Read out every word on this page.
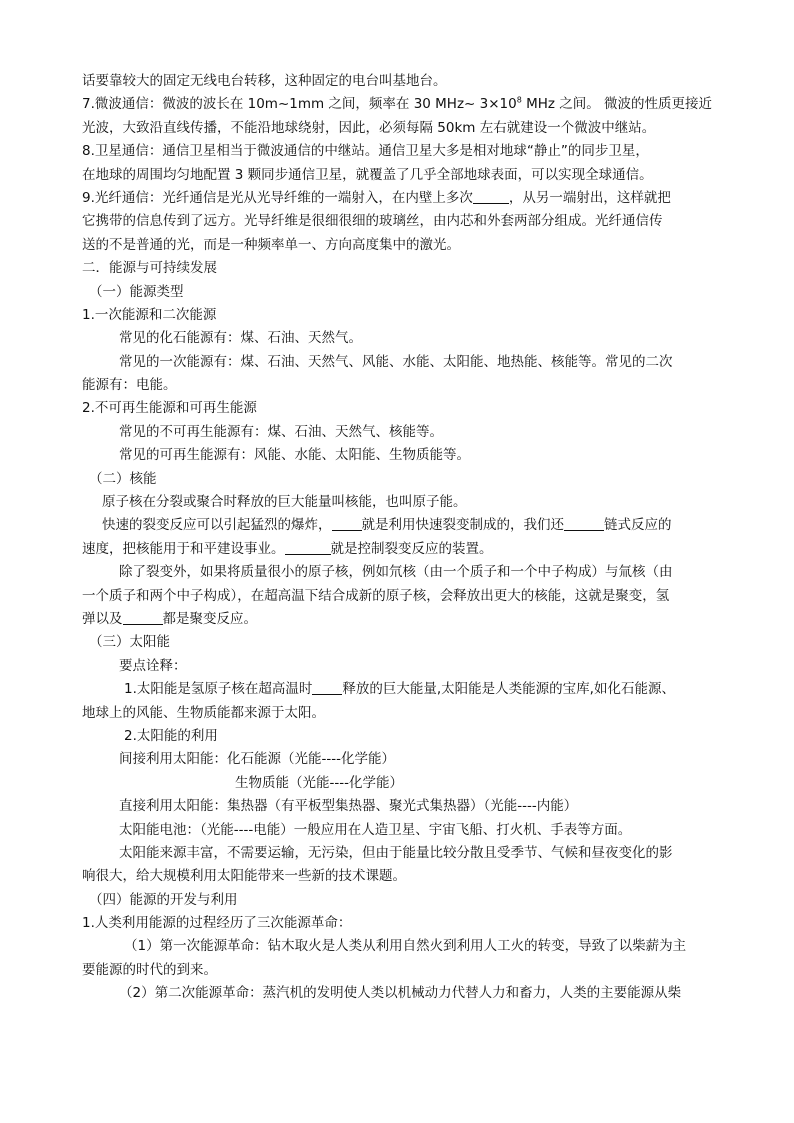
话要靠较大的固定无线电台转移，这种固定的电台叫基地台。
7.微波通信：微波的波长在 10m~1mm 之间，频率在 30 MHz~ $3\times 10^8$ MHz 之间。 微波的性质更接近
光波，大致沿直线传播，不能沿地球绕射，因此，必须每隔 50km 左右就建设一个微波中继站。
8.卫星通信：通信卫星相当于微波通信的中继站。通信卫星大多是相对地球“静止”的同步卫星，
在地球的周围均匀地配置 3 颗同步通信卫星，就覆盖了几乎全部地球表面，可以实现全球通信。
9.光纤通信：光纤通信是光从光导纤维的一端射入，在内壁上多次	，从另一端射出，这样就把
它携带的信息传到了远方。光导纤维是很细很细的玻璃丝，由内芯和外套两部分组成。光纤通信传
送的不是普通的光，而是一种频率单一、方向高度集中的激光。
二．能源与可持续发展
（一）能源类型
1.一次能源和二次能源
常见的化石能源有：煤、石油、天然气。
常见的一次能源有：煤、石油、天然气、风能、水能、太阳能、地热能、核能等。常见的二次
能源有：电能。
2.不可再生能源和可再生能源
常见的不可再生能源有：煤、石油、天然气、核能等。
常见的可再生能源有：风能、水能、太阳能、生物质能等。
（二）核能
原子核在分裂或聚合时释放的巨大能量叫核能，也叫原子能。
快速的裂变反应可以引起猛烈的爆炸， 就是利用快速裂变制成的，我们还	链式反应的
速度，把核能用于和平建设事业。	就是控制裂变反应的装置。
除了裂变外，如果将质量很小的原子核，例如氘核（由一个质子和一个中子构成）与氚核（由
一个质子和两个中子构成），在超高温下结合成新的原子核，会释放出更大的核能，这就是聚变，氢
弹以及	都是聚变反应。
（三）太阳能
要点诠释：
1.太阳能是氢原子核在超高温时 释放的巨大能量,太阳能是人类能源的宝库,如化石能源、
地球上的风能、生物质能都来源于太阳。
2.太阳能的利用
间接利用太阳能：化石能源（光能----化学能）
生物质能（光能----化学能）
直接利用太阳能：集热器（有平板型集热器、聚光式集热器）（光能----内能）
太阳能电池：（光能----电能）一般应用在人造卫星、宇宙飞船、打火机、手表等方面。
太阳能来源丰富，不需要运输，无污染，但由于能量比较分散且受季节、气候和昼夜变化的影
响很大，给大规模利用太阳能带来一些新的技术课题。
（四）能源的开发与利用
1.人类利用能源的过程经历了三次能源革命：
（1）第一次能源革命：钻木取火是人类从利用自然火到利用人工火的转变，导致了以柴薪为主
要能源的时代的到来。
（2）第二次能源革命：蒸汽机的发明使人类以机械动力代替人力和畜力，人类的主要能源从柴
